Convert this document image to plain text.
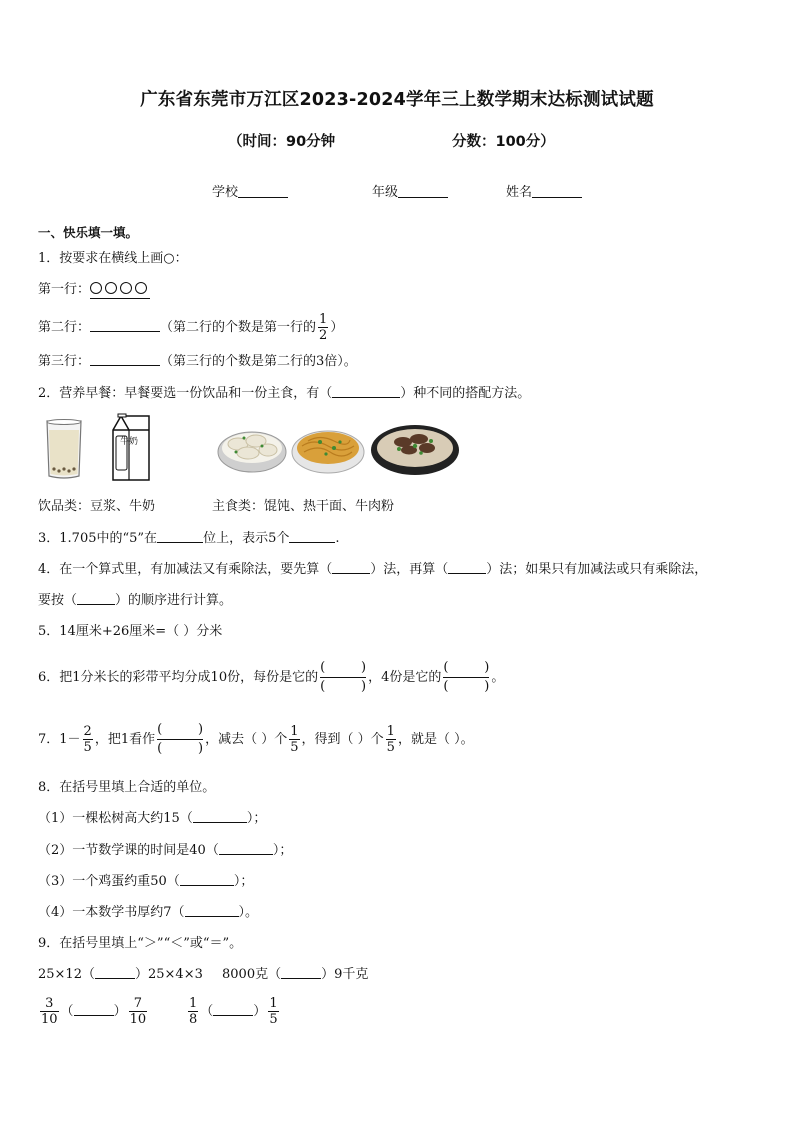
广东省东莞市万江区2023-2024学年三上数学期末达标测试试题
（时间：90分钟	分数：100分）
学校	年级	姓名
一、快乐填一填。
1．按要求在横线上画○：
第一行：
第二行：	（第二行的个数是第一行的 $\frac{1}{2}$ ）
第三行：	（第三行的个数是第二行的3倍）。
2．营养早餐：早餐要选一份饮品和一份主食，有（	）种不同的搭配方法。
牛奶
饮品类：豆浆、牛奶	主食类：馄饨、热干面、牛肉粉
3．1.705中的“5”在	位上，表示5个	.
4．在一个算式里，有加减法又有乘除法，要先算（	）法，再算（	）法；如果只有加减法或只有乘除法，
要按（	）的顺序进行计算。
5．14厘米+26厘米=（ ）分米
6．把1分米长的彩带平均分成10份，每份是它的
(	)
(	)
，4份是它的
(	)
(	)
。
7．$1- \frac{2}{5}$ ，把1看作
(	)
(	)
，减去（ ）个 $\frac{1}{5}$ ，得到（ ）个 $\frac{1}{5}$ ，就是（ ）。
8．在括号里填上合适的单位。
（1）一棵松树高大约15（	）；
（2）一节数学课的时间是40（	）；
（3）一个鸡蛋约重50（	）；
（4）一本数学书厚约7（	）。
9．在括号里填上“＞”“＜”或“＝”。
25×12（	）25×4×3 8000克（	）9千克
$\frac{3}{10}$ （	） $\frac{7}{10}$	$\frac{1}{8}$ （	） $\frac{1}{5}$
